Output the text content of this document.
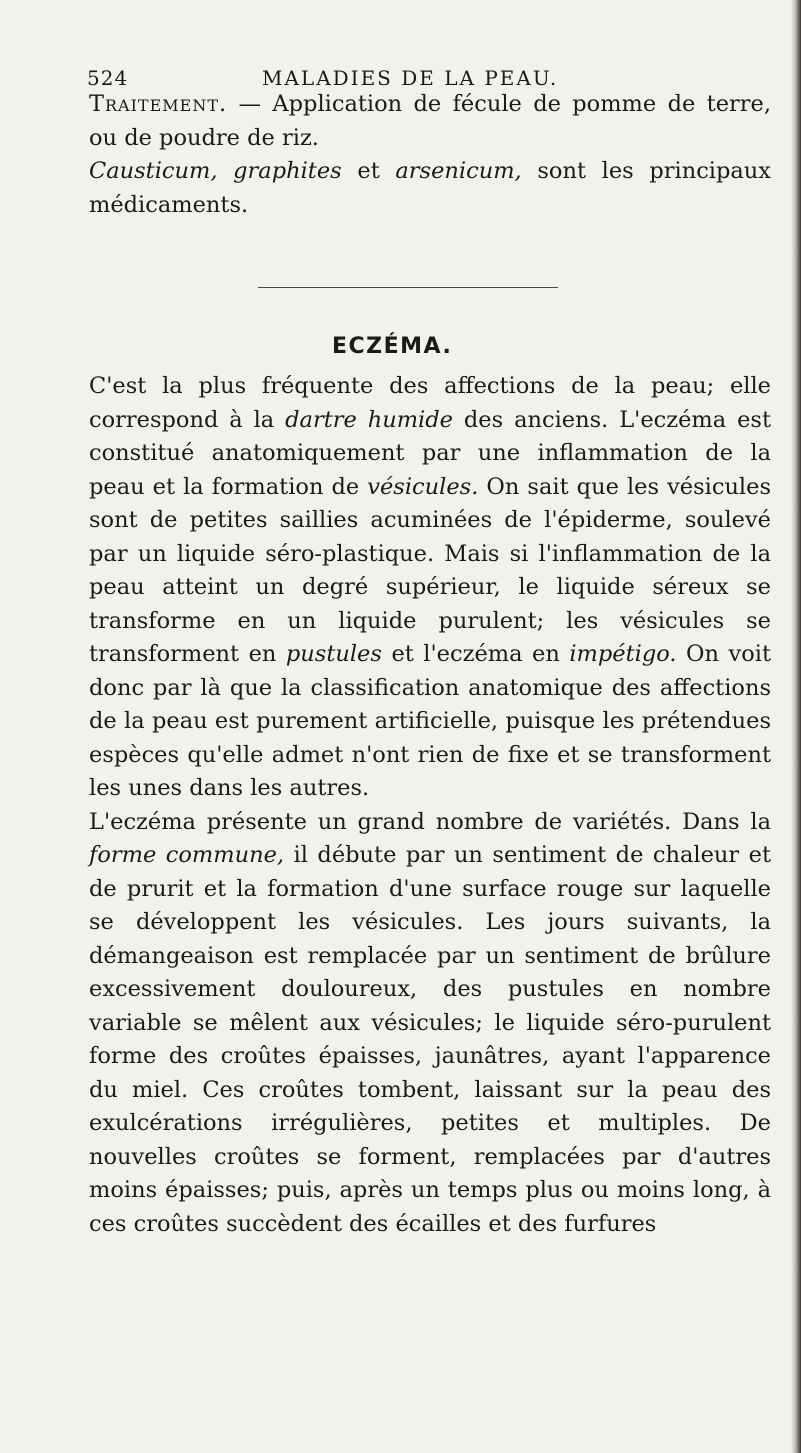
524	MALADIES DE LA PEAU.

Traitement. — Application de fécule de pomme de terre, ou de poudre de riz.

Causticum, graphites et arsenicum, sont les principaux médicaments.

ECZÉMA.

C'est la plus fréquente des affections de la peau; elle correspond à la dartre humide des anciens. L'eczéma est constitué anatomiquement par une inflammation de la peau et la formation de vésicules. On sait que les vésicules sont de petites saillies acuminées de l'épiderme, soulevé par un liquide séro-plastique. Mais si l'inflammation de la peau atteint un degré supérieur, le liquide séreux se transforme en un liquide purulent; les vésicules se transforment en pustules et l'eczéma en impétigo. On voit donc par là que la classification anatomique des affections de la peau est purement artificielle, puisque les prétendues espèces qu'elle admet n'ont rien de fixe et se transforment les unes dans les autres.

L'eczéma présente un grand nombre de variétés. Dans la forme commune, il débute par un sentiment de chaleur et de prurit et la formation d'une surface rouge sur laquelle se développent les vésicules. Les jours suivants, la démangeaison est remplacée par un sentiment de brûlure excessivement douloureux, des pustules en nombre variable se mêlent aux vésicules; le liquide séro-purulent forme des croûtes épaisses, jaunâtres, ayant l'apparence du miel. Ces croûtes tombent, laissant sur la peau des exulcérations irrégulières, petites et multiples. De nouvelles croûtes se forment, remplacées par d'autres moins épaisses; puis, après un temps plus ou moins long, à ces croûtes succèdent des écailles et des furfures
